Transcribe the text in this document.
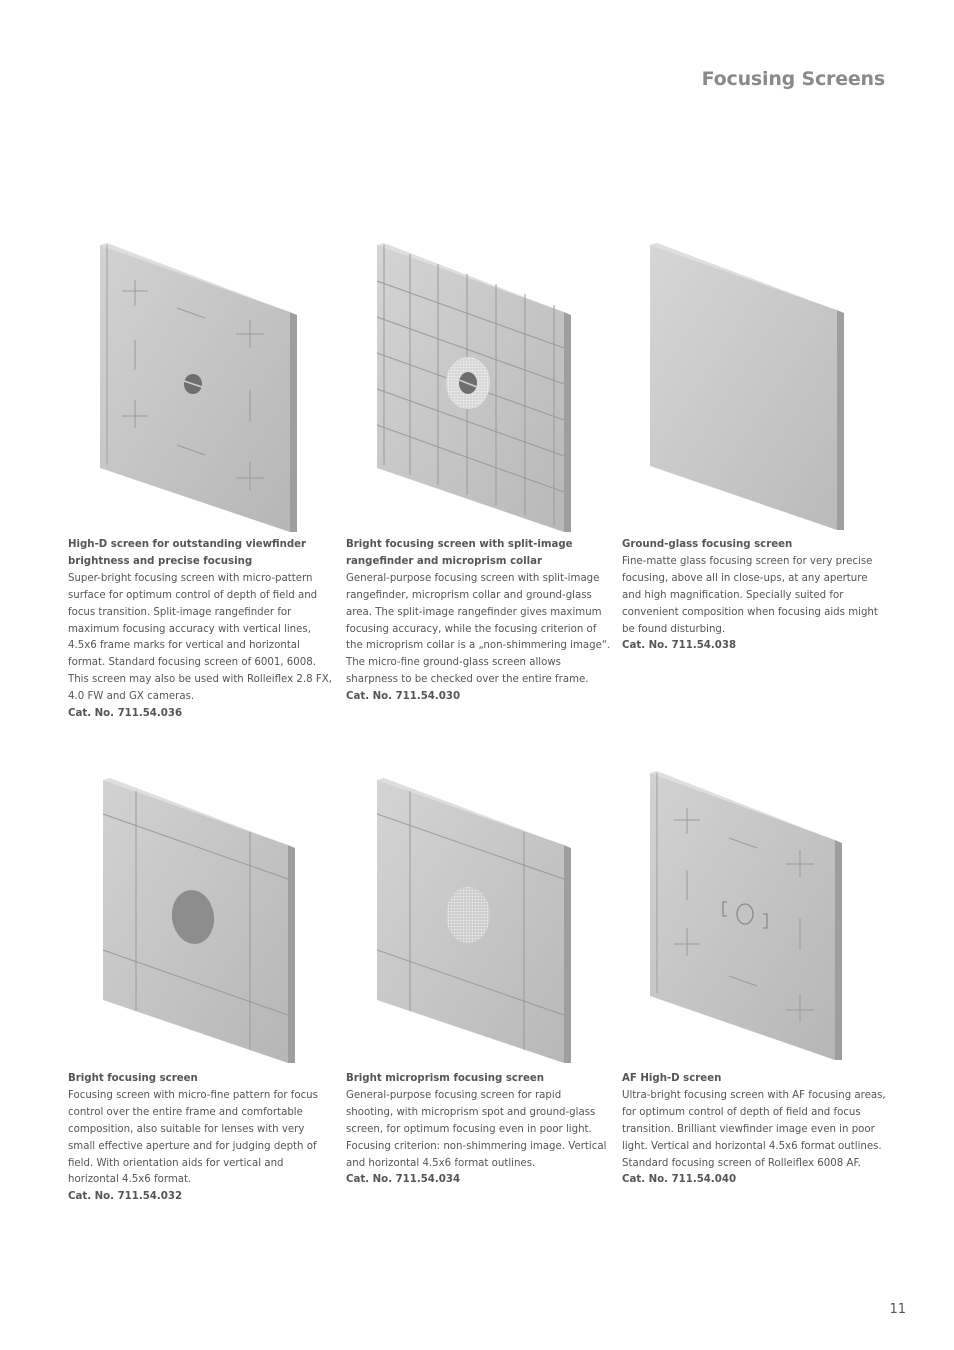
Focusing Screens
High-D screen for outstanding viewfinder brightness and precise focusing
Super-bright focusing screen with micro-pattern surface for optimum control of depth of field and focus transition. Split-image rangefinder for maximum focusing accuracy with vertical lines, 4.5x6 frame marks for vertical and horizontal format. Standard focusing screen of 6001, 6008. This screen may also be used with Rolleiflex 2.8 FX, 4.0 FW and GX cameras.
Cat. No. 711.54.036
Bright focusing screen with split-image rangefinder and microprism collar
General-purpose focusing screen with split-image rangefinder, microprism collar and ground-glass area. The split-image rangefinder gives maximum focusing accuracy, while the focusing criterion of the microprism collar is a „non-shimmering image“. The micro-fine ground-glass screen allows sharpness to be checked over the entire frame.
Cat. No. 711.54.030
Ground-glass focusing screen
Fine-matte glass focusing screen for very precise focusing, above all in close-ups, at any aperture and high magnification. Specially suited for convenient composition when focusing aids might be found disturbing.
Cat. No. 711.54.038
Bright focusing screen
Focusing screen with micro-fine pattern for focus control over the entire frame and comfortable composition, also suitable for lenses with very small effective aperture and for judging depth of field. With orientation aids for vertical and horizontal 4.5x6 format.
Cat. No. 711.54.032
Bright microprism focusing screen
General-purpose focusing screen for rapid shooting, with microprism spot and ground-glass screen, for optimum focusing even in poor light. Focusing criterion: non-shimmering image. Vertical and horizontal 4.5x6 format outlines.
Cat. No. 711.54.034
AF High-D screen
Ultra-bright focusing screen with AF focusing areas, for optimum control of depth of field and focus transition. Brilliant viewfinder image even in poor light. Vertical and horizontal 4.5x6 format outlines. Standard focusing screen of Rolleiflex 6008 AF.
Cat. No. 711.54.040
11
